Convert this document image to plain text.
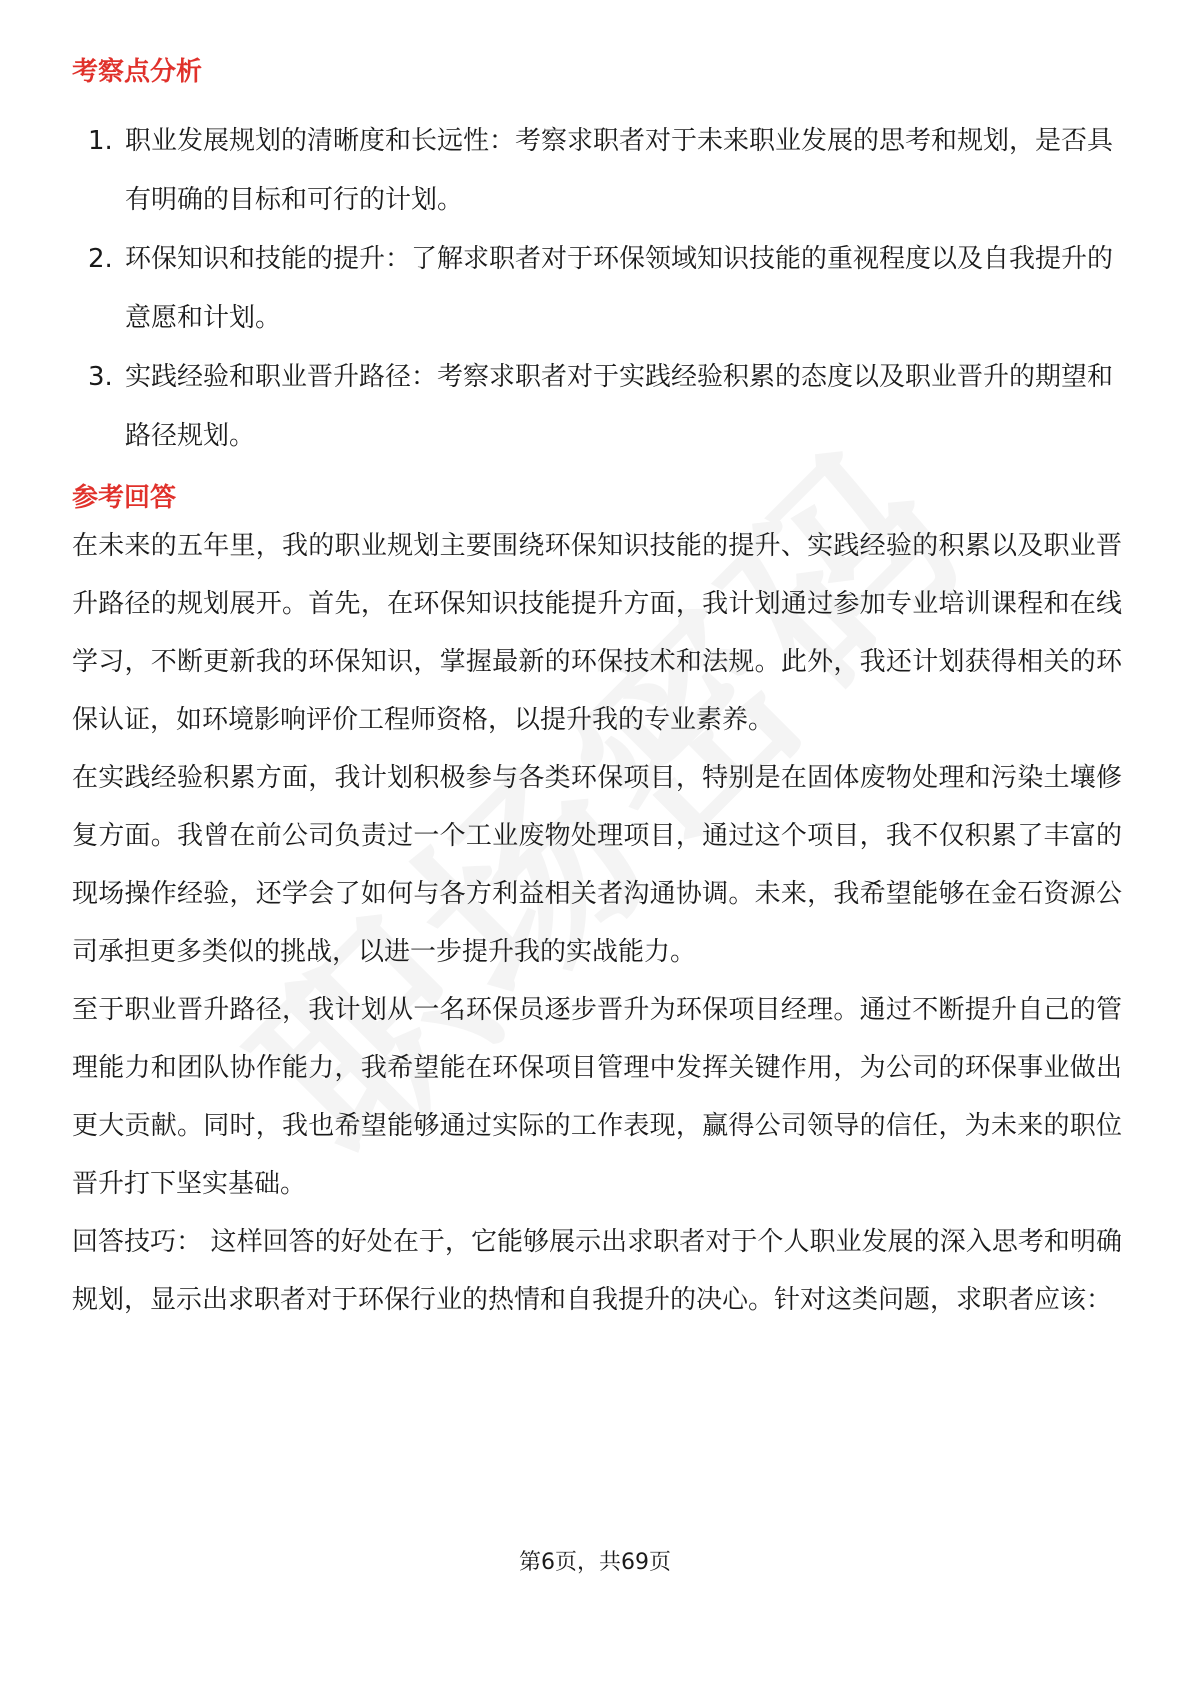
考察点分析
1. 职业发展规划的清晰度和长远性：考察求职者对于未来职业发展的思考和规划，是否具有明确的目标和可行的计划。
2. 环保知识和技能的提升：了解求职者对于环保领域知识技能的重视程度以及自我提升的意愿和计划。
3. 实践经验和职业晋升路径：考察求职者对于实践经验积累的态度以及职业晋升的期望和路径规划。
参考回答

在未来的五年里，我的职业规划主要围绕环保知识技能的提升、实践经验的积累以及职业晋升路径的规划展开。首先，在环保知识技能提升方面，我计划通过参加专业培训课程和在线学习，不断更新我的环保知识，掌握最新的环保技术和法规。此外，我还计划获得相关的环保认证，如环境影响评价工程师资格，以提升我的专业素养。

在实践经验积累方面，我计划积极参与各类环保项目，特别是在固体废物处理和污染土壤修复方面。我曾在前公司负责过一个工业废物处理项目，通过这个项目，我不仅积累了丰富的现场操作经验，还学会了如何与各方利益相关者沟通协调。未来，我希望能够在金石资源公司承担更多类似的挑战，以进一步提升我的实战能力。

至于职业晋升路径，我计划从一名环保员逐步晋升为环保项目经理。通过不断提升自己的管理能力和团队协作能力，我希望能在环保项目管理中发挥关键作用，为公司的环保事业做出更大贡献。同时，我也希望能够通过实际的工作表现，赢得公司领导的信任，为未来的职位晋升打下坚实基础。

回答技巧： 这样回答的好处在于，它能够展示出求职者对于个人职业发展的深入思考和明确规划，显示出求职者对于环保行业的热情和自我提升的决心。针对这类问题，求职者应该：

第6页，共69页
